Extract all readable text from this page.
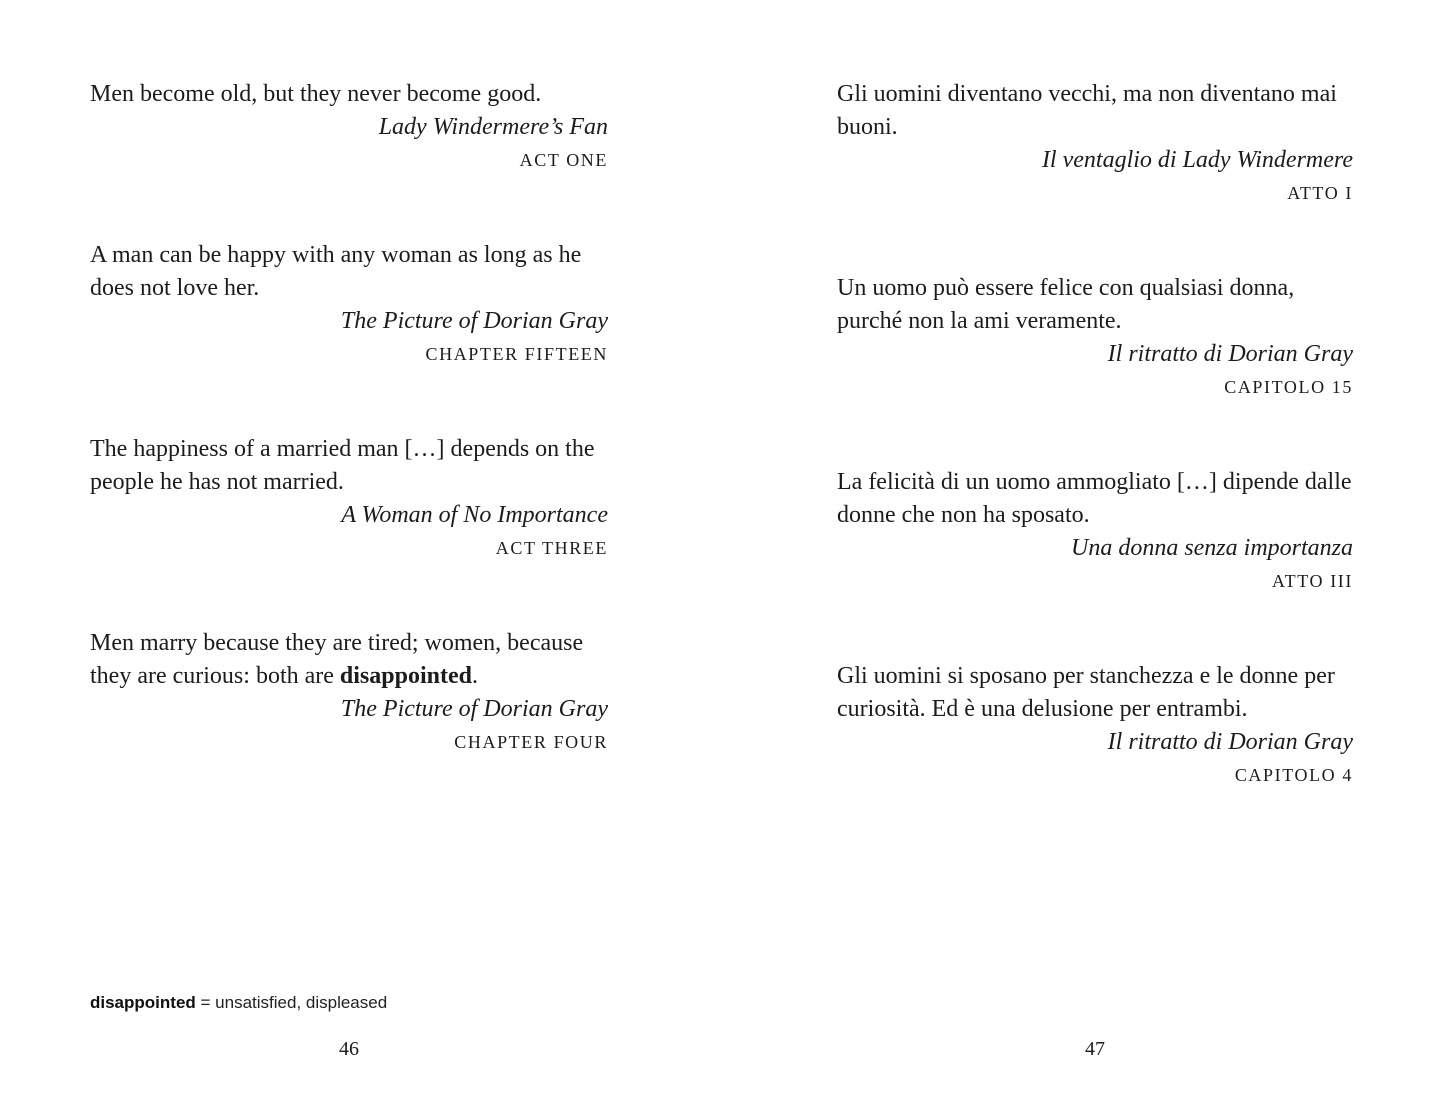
Men become old, but they never become good.

Lady Windermere’s Fan

ACT ONE

A man can be happy with any woman as long as he does not love her.

The Picture of Dorian Gray

CHAPTER FIFTEEN

The happiness of a married man […] depends on the people he has not married.

A Woman of No Importance

ACT THREE

Men marry because they are tired; women, because they are curious: both are disappointed.

The Picture of Dorian Gray

CHAPTER FOUR

Gli uomini diventano vecchi, ma non diventano mai buoni.

Il ventaglio di Lady Windermere

ATTO I

Un uomo può essere felice con qualsiasi donna, purché non la ami veramente.

Il ritratto di Dorian Gray

CAPITOLO 15

La felicità di un uomo ammogliato […] dipende dalle donne che non ha sposato.

Una donna senza importanza

ATTO III

Gli uomini si sposano per stanchezza e le donne per curiosità. Ed è una delusione per entrambi.

Il ritratto di Dorian Gray

CAPITOLO 4

disappointed = unsatisfied, displeased
46	47
